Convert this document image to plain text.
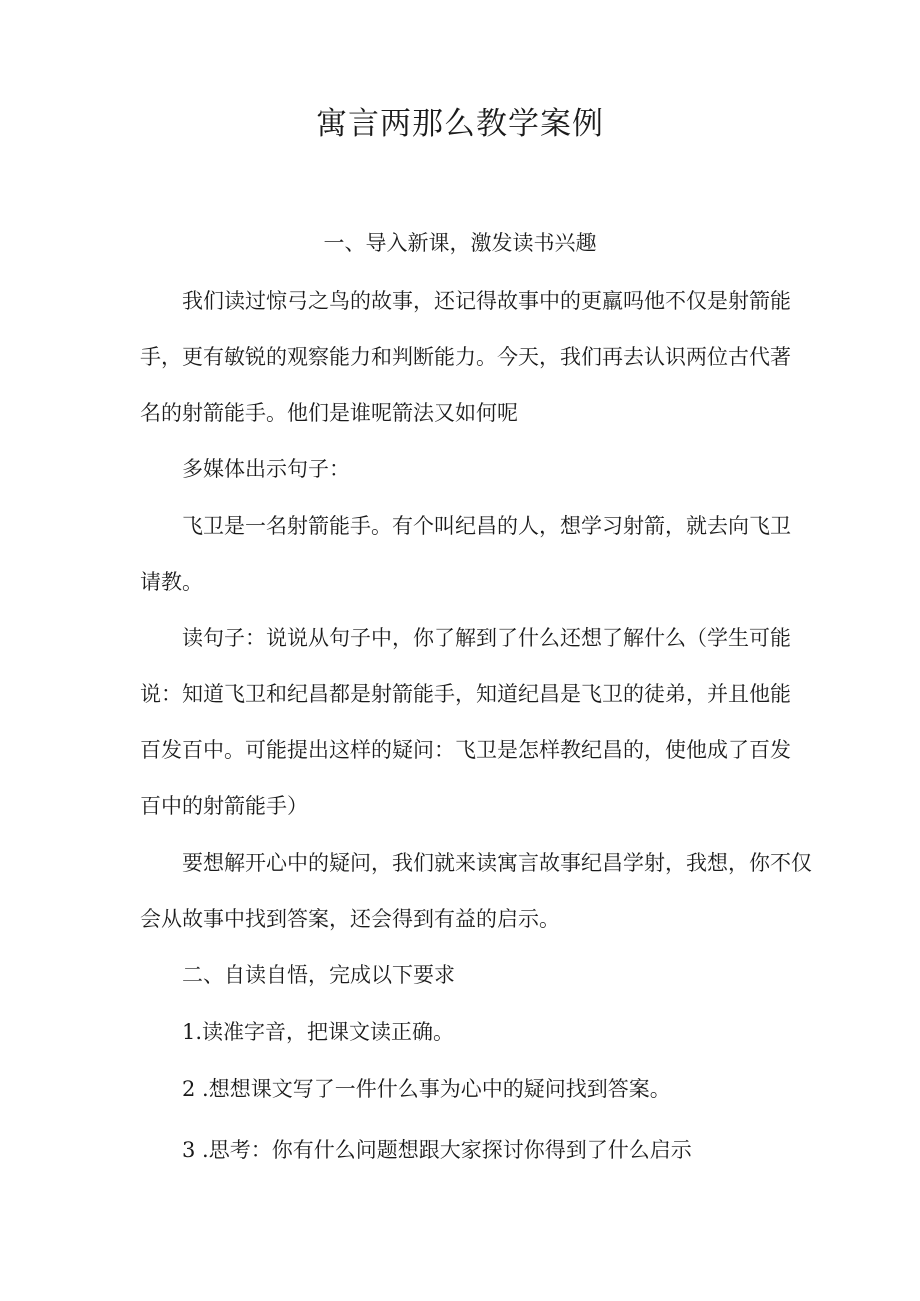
寓言两那么教学案例

一、导入新课，激发读书兴趣

我们读过惊弓之鸟的故事，还记得故事中的更羸吗他不仅是射箭能

手，更有敏锐的观察能力和判断能力。今天，我们再去认识两位古代著

名的射箭能手。他们是谁呢箭法又如何呢

多媒体出示句子：

飞卫是一名射箭能手。有个叫纪昌的人，想学习射箭，就去向飞卫

请教。

读句子：说说从句子中，你了解到了什么还想了解什么（学生可能

说：知道飞卫和纪昌都是射箭能手，知道纪昌是飞卫的徒弟，并且他能

百发百中。可能提出这样的疑问：飞卫是怎样教纪昌的，使他成了百发

百中的射箭能手）

要想解开心中的疑问，我们就来读寓言故事纪昌学射，我想，你不仅

会从故事中找到答案，还会得到有益的启示。

二、自读自悟，完成以下要求

1.读准字音，把课文读正确。

2 .想想课文写了一件什么事为心中的疑问找到答案。

3 .思考：你有什么问题想跟大家探讨你得到了什么启示
